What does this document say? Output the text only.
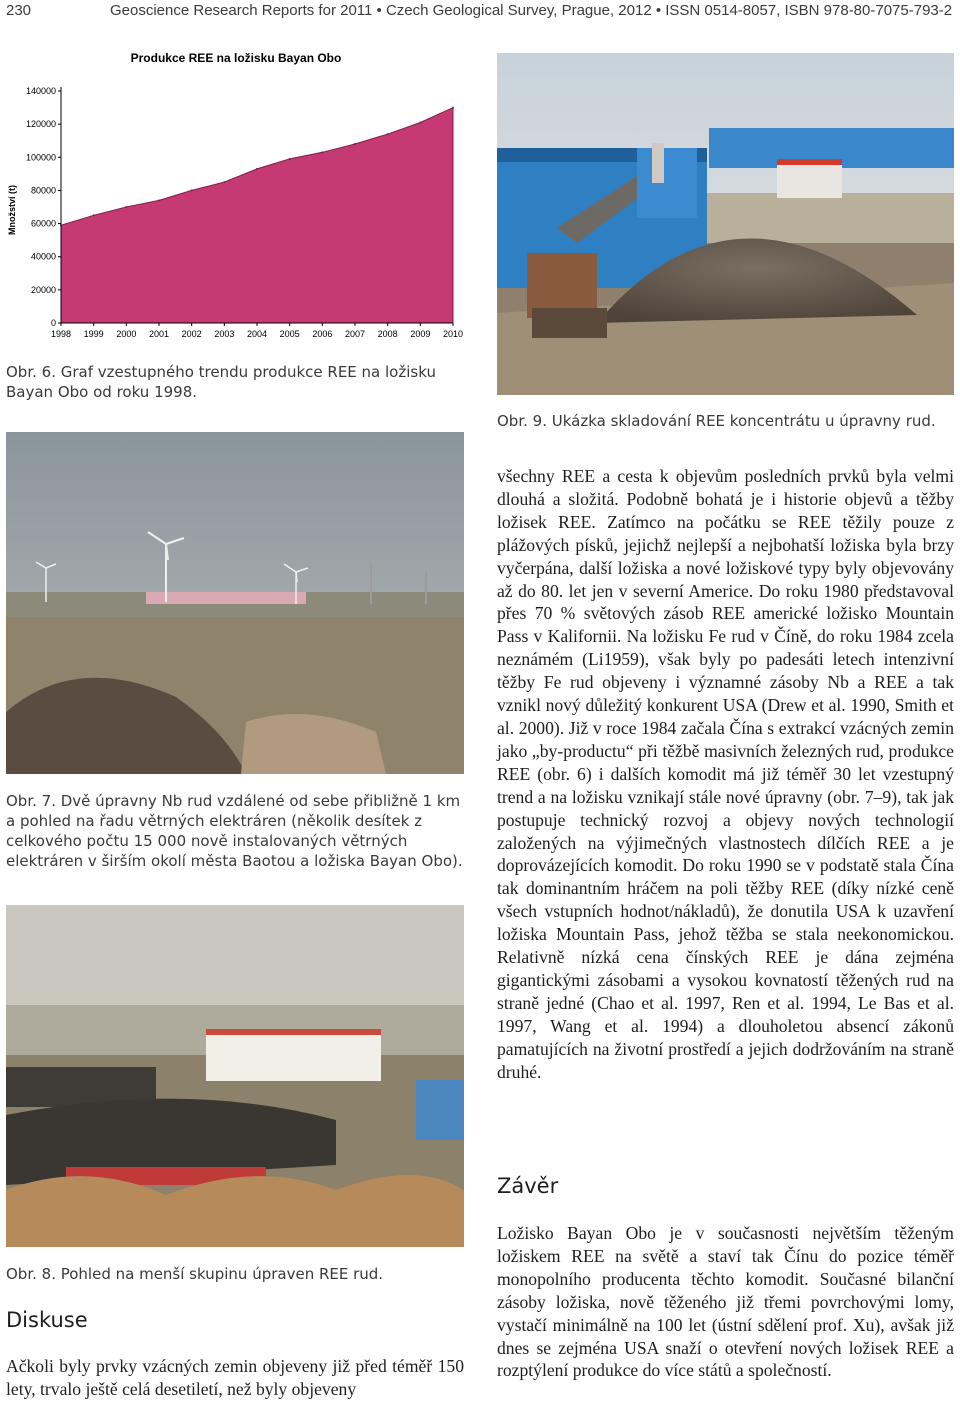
230	Geoscience Research Reports for 2011 • Czech Geological Survey, Prague, 2012 • ISSN 0514-8057, ISBN 978-80-7075-793-2
Produkce REE na ložisku Bayan Obo
Množství (t)
0
20000
40000
60000
80000
100000
120000
140000
1998 1999 2000 2001 2002 2003 2004 2005 2006 2007 2008 2009 2010
Obr. 6. Graf vzestupného trendu produkce REE na ložisku Bayan Obo od roku 1998.
Obr. 9. Ukázka skladování REE koncentrátu u úpravny rud.
Obr. 7. Dvě úpravny Nb rud vzdálené od sebe přibližně 1 km a pohled na řadu větrných elektráren (několik desítek z celkového počtu 15 000 nově instalovaných větrných elektráren v širším okolí města Baotou a ložiska Bayan Obo).
Obr. 8. Pohled na menší skupinu úpraven REE rud.
Diskuse
Ačkoli byly prvky vzácných zemin objeveny již před téměř 150 lety, trvalo ještě celá desetiletí, než byly objeveny
všechny REE a cesta k objevům posledních prvků byla velmi dlouhá a složitá. Podobně bohatá je i historie objevů a těžby ložisek REE. Zatímco na počátku se REE těžily pouze z plážových písků, jejichž nejlepší a nejbohatší ložiska byla brzy vyčerpána, další ložiska a nové ložiskové typy byly objevovány až do 80. let jen v severní Americe. Do roku 1980 představoval přes 70 % světových zásob REE americké ložisko Mountain Pass v Kalifornii. Na ložisku Fe rud v Číně, do roku 1984 zcela neznámém (Li1959), však byly po padesáti letech intenzivní těžby Fe rud objeveny i významné zásoby Nb a REE a tak vznikl nový důležitý konkurent USA (Drew et al. 1990, Smith et al. 2000). Již v roce 1984 začala Čína s extrakcí vzácných zemin jako „by-productu“ při těžbě masivních železných rud, produkce REE (obr. 6) i dalších komodit má již téměř 30 let vzestupný trend a na ložisku vznikají stále nové úpravny (obr. 7–9), tak jak postupuje technický rozvoj a objevy nových technologií založených na výjimečných vlastnostech dílčích REE a je doprovázejících komodit. Do roku 1990 se v podstatě stala Čína tak dominantním hráčem na poli těžby REE (díky nízké ceně všech vstupních hodnot/nákladů), že donutila USA k uzavření ložiska Mountain Pass, jehož těžba se stala neekonomickou. Relativně nízká cena čínských REE je dána zejména gigantickými zásobami a vysokou kovnatostí těžených rud na straně jedné (Chao et al. 1997, Ren et al. 1994, Le Bas et al. 1997, Wang et al. 1994) a dlouholetou absencí zákonů pamatujících na životní prostředí a jejich dodržováním na straně druhé.
Závěr
Ložisko Bayan Obo je v současnosti největším těženým ložiskem REE na světě a staví tak Čínu do pozice téměř monopolního producenta těchto komodit. Současné bilanční zásoby ložiska, nově těženého již třemi povrchovými lomy, vystačí minimálně na 100 let (ústní sdělení prof. Xu), avšak již dnes se zejména USA snaží o otevření nových ložisek REE a rozptýlení produkce do více států a společností.
